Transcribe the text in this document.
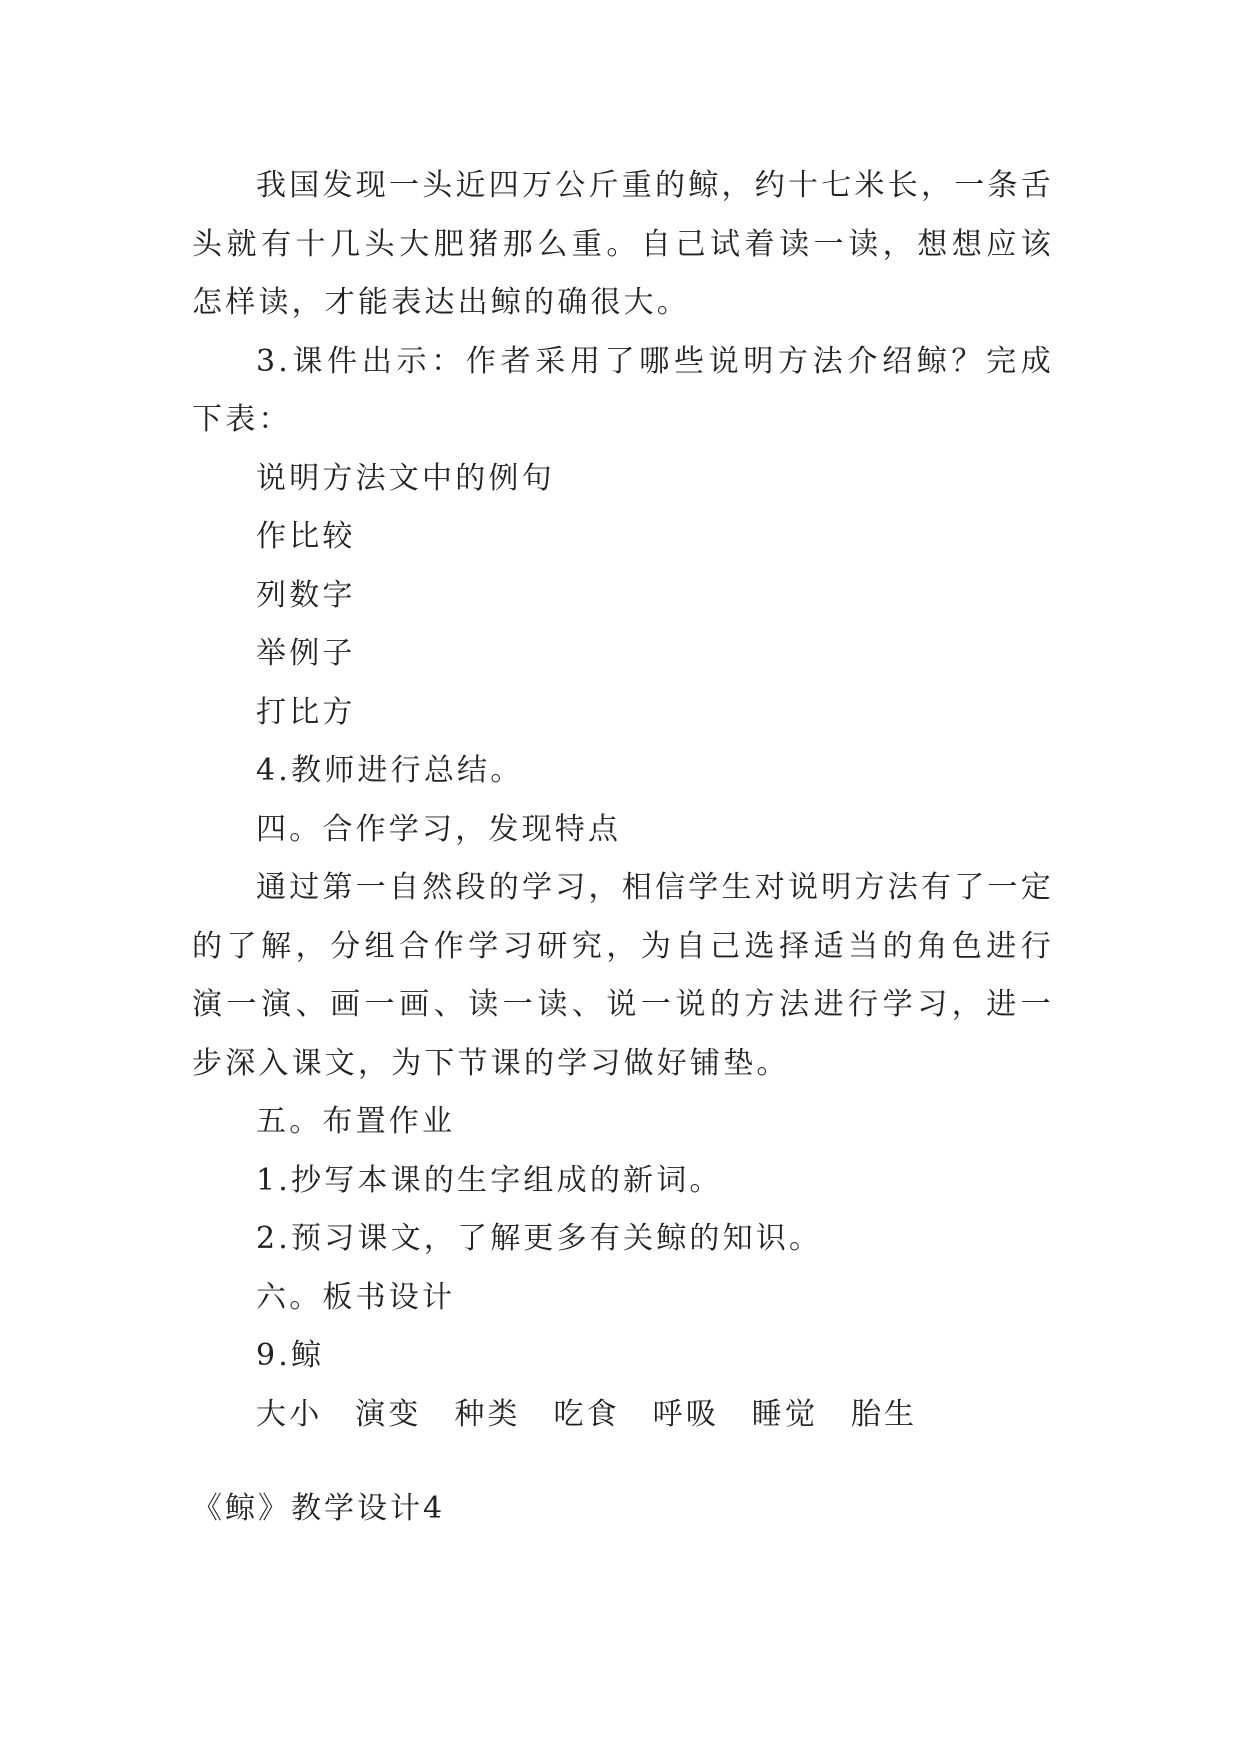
我国发现一头近四万公斤重的鲸，约十七米长，一条舌头就有十几头大肥猪那么重。自己试着读一读，想想应该怎样读，才能表达出鲸的确很大。

3.课件出示：作者采用了哪些说明方法介绍鲸？完成下表：

说明方法文中的例句

作比较

列数字

举例子

打比方

4.教师进行总结。

四。合作学习，发现特点

通过第一自然段的学习，相信学生对说明方法有了一定的了解，分组合作学习研究，为自己选择适当的角色进行演一演、画一画、读一读、说一说的方法进行学习，进一步深入课文，为下节课的学习做好铺垫。

五。布置作业

1.抄写本课的生字组成的新词。

2.预习课文，了解更多有关鲸的知识。

六。板书设计

9.鲸

大小 演变 种类 吃食 呼吸 睡觉 胎生

《鲸》教学设计4
